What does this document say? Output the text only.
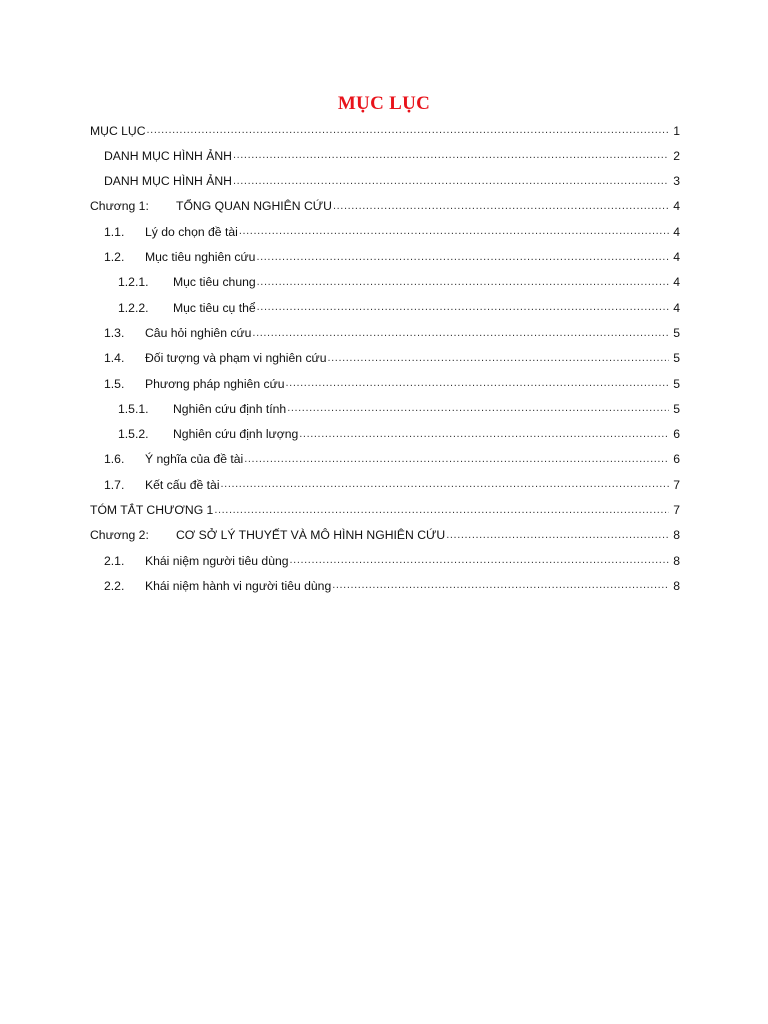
MỤC LỤC
MỤC LỤC .....	1
DANH MỤC HÌNH ẢNH .....	2
DANH MỤC HÌNH ẢNH .....	3
Chương 1:	TỔNG QUAN NGHIÊN CỨU .....	4
1.1.	Lý do chọn đề tài .....	4
1.2.	Mục tiêu nghiên cứu .....	4
1.2.1.	Mục tiêu chung .....	4
1.2.2.	Mục tiêu cụ thể .....	4
1.3.	Câu hỏi nghiên cứu .....	5
1.4.	Đối tượng và phạm vi nghiên cứu .....	5
1.5.	Phương pháp nghiên cứu .....	5
1.5.1.	Nghiên cứu định tính .....	5
1.5.2.	Nghiên cứu định lượng .....	6
1.6.	Ý nghĩa của đề tài .....	6
1.7.	Kết cấu đề tài .....	7
TÓM TẮT CHƯƠNG 1 .....	7
Chương 2:	CƠ SỞ LÝ THUYẾT VÀ MÔ HÌNH NGHIÊN CỨU .....	8
2.1.	Khái niệm người tiêu dùng .....	8
2.2.	Khái niệm hành vi người tiêu dùng .....	8
